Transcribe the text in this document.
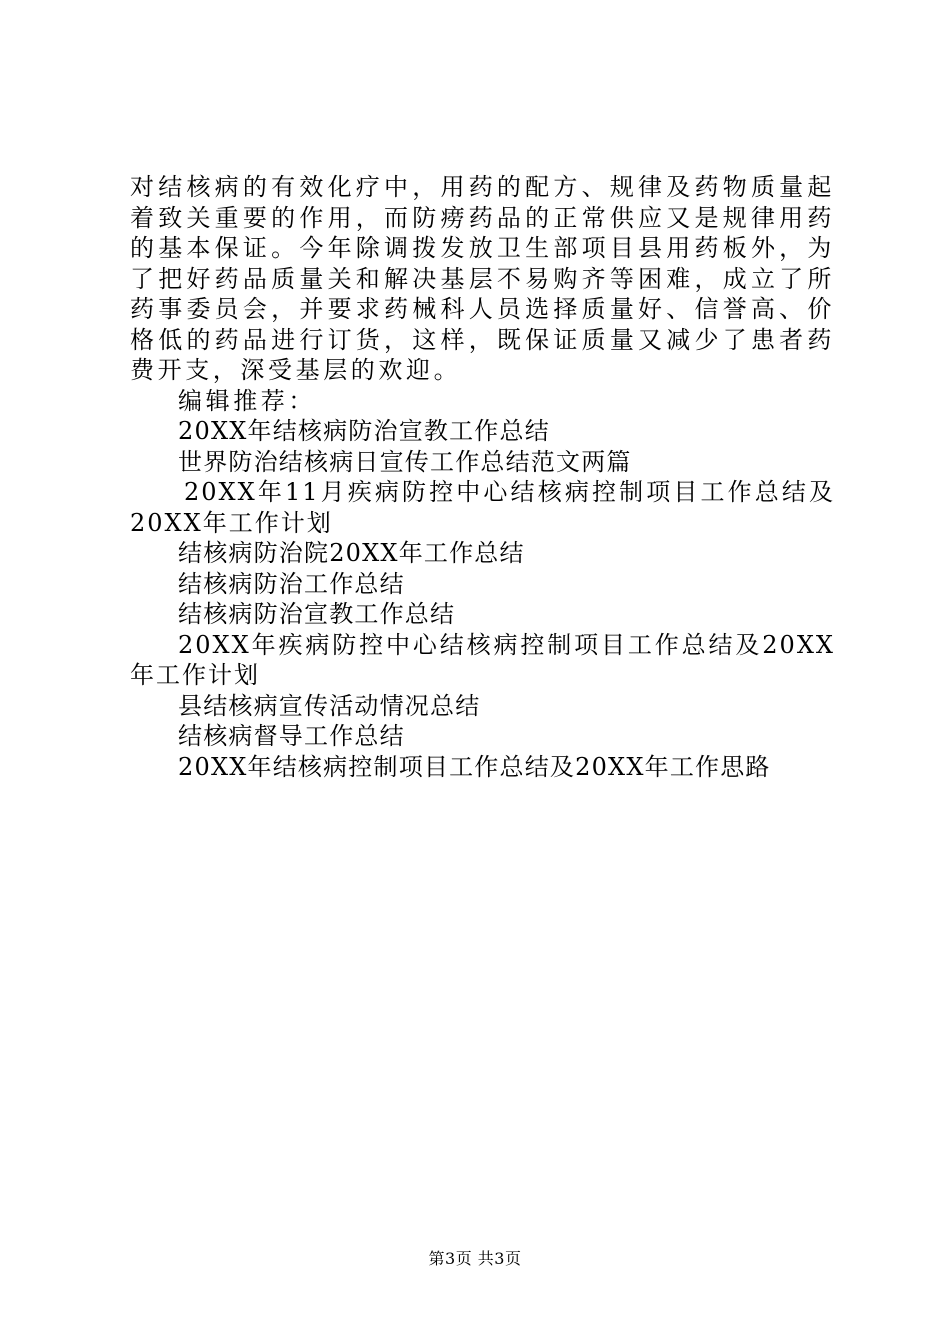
对结核病的有效化疗中，用药的配方、规律及药物质量起着致关重要的作用，而防痨药品的正常供应又是规律用药的基本保证。今年除调拨发放卫生部项目县用药板外，为了把好药品质量关和解决基层不易购齐等困难，成立了所药事委员会，并要求药械科人员选择质量好、信誉高、价格低的药品进行订货，这样，既保证质量又减少了患者药费开支，深受基层的欢迎。

编辑推荐：

20XX年结核病防治宣教工作总结
世界防治结核病日宣传工作总结范文两篇
20XX年11月疾病防控中心结核病控制项目工作总结及20XX年工作计划
结核病防治院20XX年工作总结
结核病防治工作总结
结核病防治宣教工作总结
20XX年疾病防控中心结核病控制项目工作总结及20XX年工作计划
县结核病宣传活动情况总结
结核病督导工作总结
20XX年结核病控制项目工作总结及20XX年工作思路
第3页 共3页
